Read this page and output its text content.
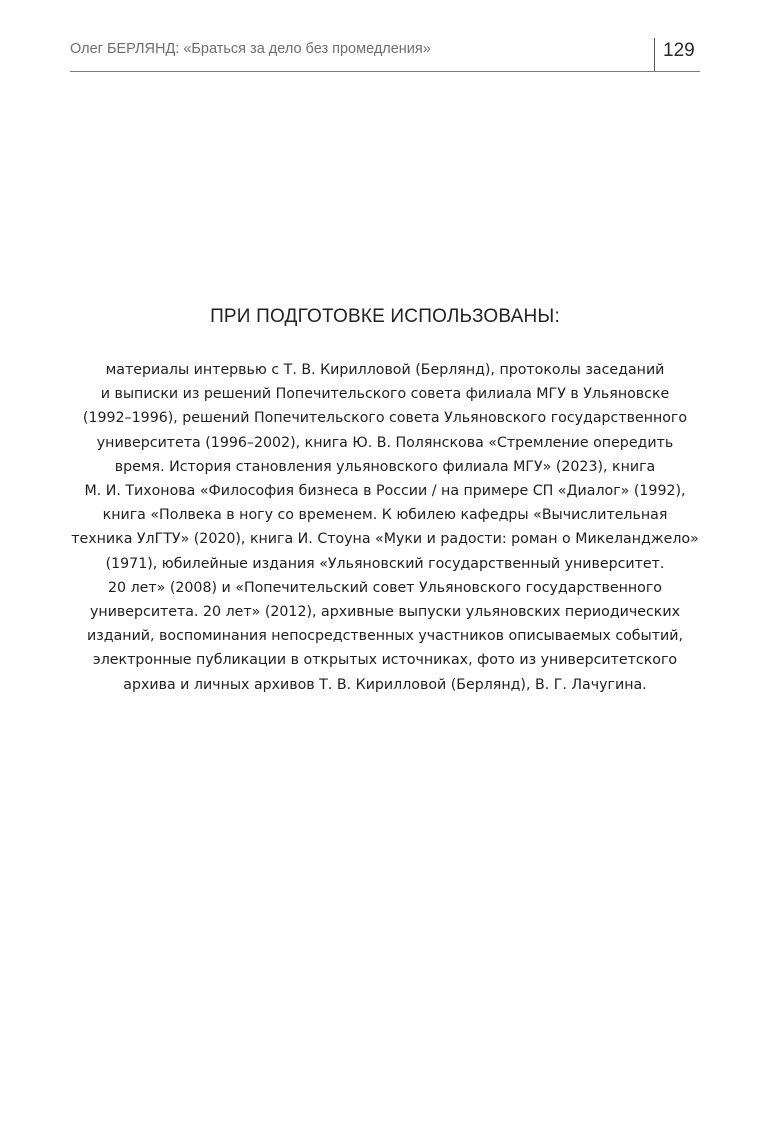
Олег БЕРЛЯНД: «Браться за дело без промедления»	129
ПРИ ПОДГОТОВКЕ ИСПОЛЬЗОВАНЫ:
материалы интервью с Т. В. Кирилловой (Берлянд), протоколы заседаний
и выписки из решений Попечительского совета филиала МГУ в Ульяновске
(1992–1996), решений Попечительского совета Ульяновского государственного
университета (1996–2002), книга Ю. В. Полянскова «Стремление опередить
время. История становления ульяновского филиала МГУ» (2023), книга
М. И. Тихонова «Философия бизнеса в России / на примере СП «Диалог» (1992),
книга «Полвека в ногу со временем. К юбилею кафедры «Вычислительная
техника УлГТУ» (2020), книга И. Стоуна «Муки и радости: роман о Микеланджело»
(1971), юбилейные издания «Ульяновский государственный университет.
20 лет» (2008) и «Попечительский совет Ульяновского государственного
университета. 20 лет» (2012), архивные выпуски ульяновских периодических
изданий, воспоминания непосредственных участников описываемых событий,
электронные публикации в открытых источниках, фото из университетского
архива и личных архивов Т. В. Кирилловой (Берлянд), В. Г. Лачугина.
